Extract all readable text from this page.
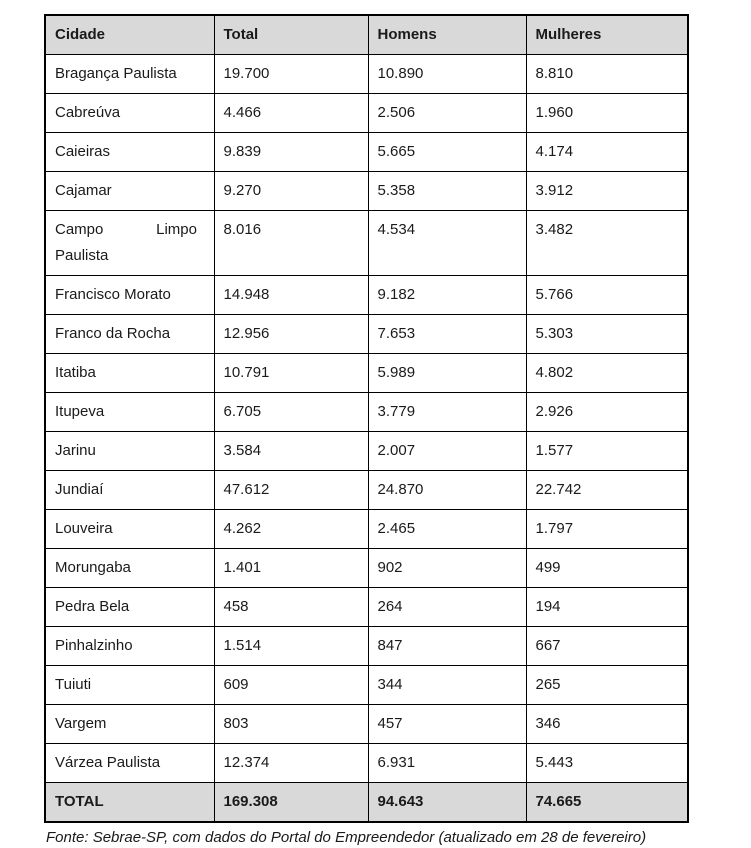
Cidade	Total	Homens	Mulheres

Bragança Paulista	19.700	10.890	8.810

Cabreúva	4.466	2.506	1.960

Caieiras	9.839	5.665	4.174

Cajamar	9.270	5.358	3.912

Campo Limpo Paulista	8.016	4.534	3.482

Francisco Morato	14.948	9.182	5.766

Franco da Rocha	12.956	7.653	5.303

Itatiba	10.791	5.989	4.802

Itupeva	6.705	3.779	2.926

Jarinu	3.584	2.007	1.577

Jundiaí	47.612	24.870	22.742

Louveira	4.262	2.465	1.797

Morungaba	1.401	902	499

Pedra Bela	458	264	194

Pinhalzinho	1.514	847	667

Tuiuti	609	344	265

Vargem	803	457	346

Várzea Paulista	12.374	6.931	5.443
TOTAL	169.308	94.643	74.665

Fonte: Sebrae-SP, com dados do Portal do Empreendedor (atualizado em 28 de fevereiro)
